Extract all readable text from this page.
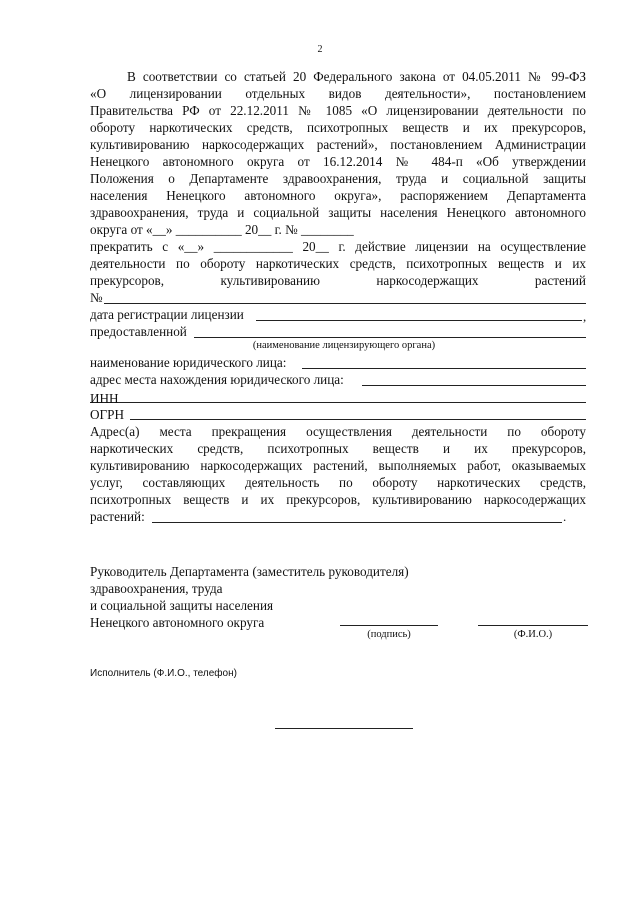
2
В соответствии со статьей 20 Федерального закона от 04.05.2011 № 99-ФЗ
«О лицензировании отдельных видов деятельности», постановлением
Правительства РФ от 22.12.2011 № 1085 «О лицензировании деятельности по
обороту наркотических средств, психотропных веществ и их прекурсоров,
культивированию наркосодержащих растений», постановлением Администрации
Ненецкого автономного округа от 16.12.2014 № 484-п «Об утверждении
Положения о Департаменте здравоохранения, труда и социальной защиты
населения Ненецкого автономного округа», распоряжением Департамента
здравоохранения, труда и социальной защиты населения Ненецкого автономного
округа от «__» __________ 20__ г. № ________
прекратить с «__» ____________ 20__ г. действие лицензии на осуществление
деятельности по обороту наркотических средств, психотропных веществ и их
прекурсоров, культивированию наркосодержащих растений
№
дата регистрации лицензии	,
предоставленной
(наименование лицензирующего органа)
наименование юридического лица:
адрес места нахождения юридического лица:
ИНН
ОГРН
Адрес(а) места прекращения осуществления деятельности по обороту
наркотических средств, психотропных веществ и их прекурсоров,
культивированию наркосодержащих растений, выполняемых работ, оказываемых
услуг, составляющих деятельность по обороту наркотических средств,
психотропных веществ и их прекурсоров, культивированию наркосодержащих
растений:	.
Руководитель Департамента (заместитель руководителя)
здравоохранения, труда
и социальной защиты населения
Ненецкого автономного округа
(подпись)	(Ф.И.О.)
Исполнитель (Ф.И.О., телефон)
